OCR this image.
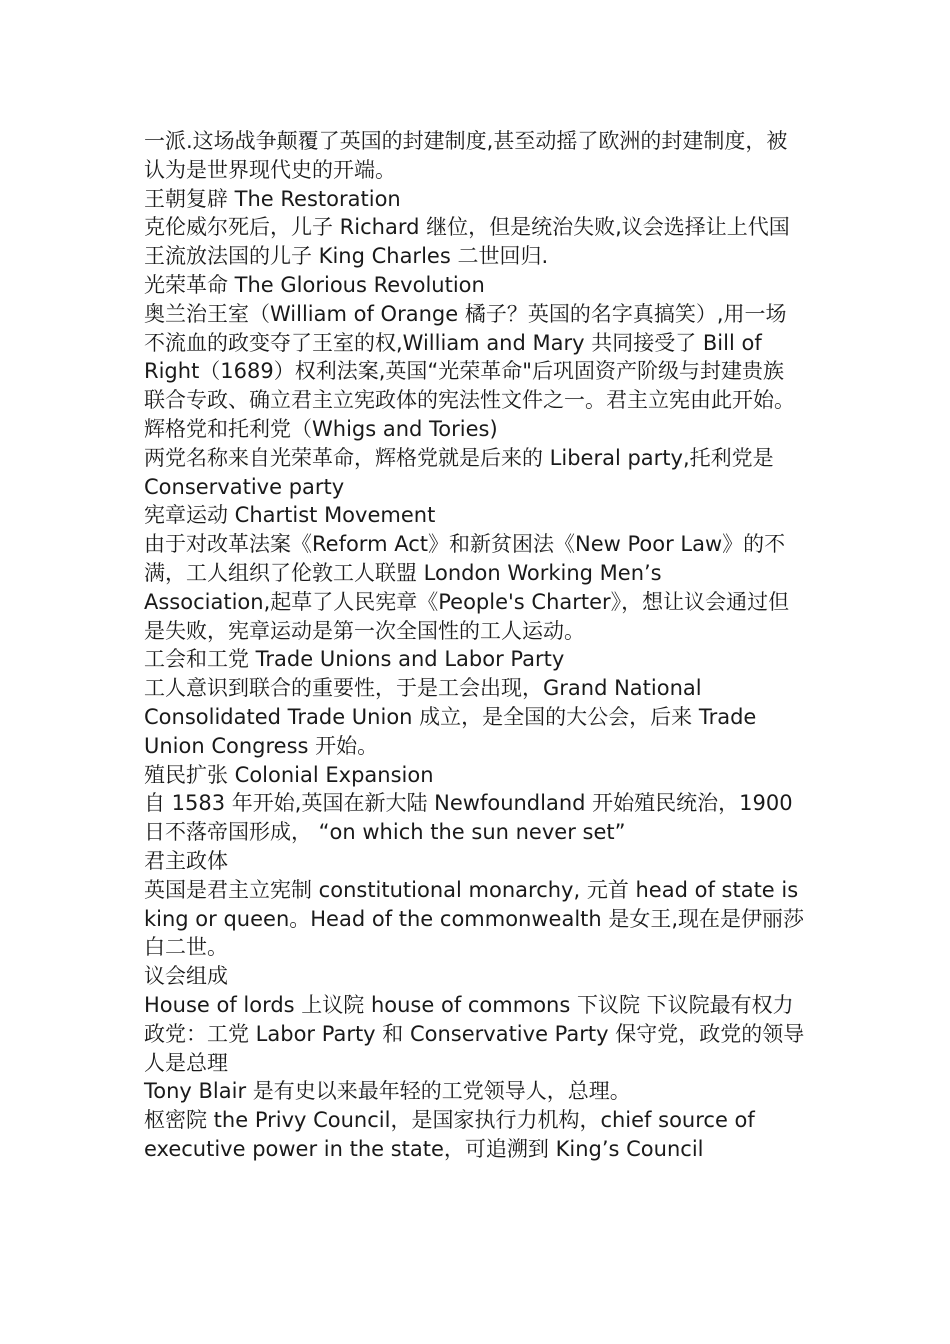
一派.这场战争颠覆了英国的封建制度,甚至动摇了欧洲的封建制度，被
认为是世界现代史的开端。
王朝复辟 The Restoration
克伦威尔死后，儿子 Richard 继位，但是统治失败,议会选择让上代国
王流放法国的儿子 King Charles 二世回归.
光荣革命 The Glorious Revolution
奥兰治王室（William of Orange 橘子？英国的名字真搞笑）,用一场
不流血的政变夺了王室的权,William and Mary 共同接受了 Bill of
Right（1689）权利法案,英国“光荣革命"后巩固资产阶级与封建贵族
联合专政、确立君主立宪政体的宪法性文件之一。君主立宪由此开始。
辉格党和托利党（Whigs and Tories)
两党名称来自光荣革命，辉格党就是后来的 Liberal party,托利党是
Conservative party
宪章运动 Chartist Movement
由于对改革法案《Reform Act》和新贫困法《New Poor Law》的不
满，工人组织了伦敦工人联盟 London Working Men’s
Association,起草了人民宪章《People's Charter》，想让议会通过但
是失败，宪章运动是第一次全国性的工人运动。
工会和工党 Trade Unions and Labor Party
工人意识到联合的重要性，于是工会出现，Grand National
Consolidated Trade Union 成立，是全国的大公会，后来 Trade
Union Congress 开始。
殖民扩张 Colonial Expansion
自 1583 年开始,英国在新大陆 Newfoundland 开始殖民统治，1900
日不落帝国形成， “on which the sun never set”
君主政体
英国是君主立宪制 constitutional monarchy, 元首 head of state is
king or queen。Head of the commonwealth 是女王,现在是伊丽莎
白二世。
议会组成
House of lords 上议院 house of commons 下议院 下议院最有权力
政党：工党 Labor Party 和 Conservative Party 保守党，政党的领导
人是总理
Tony Blair 是有史以来最年轻的工党领导人，总理。
枢密院 the Privy Council，是国家执行力机构，chief source of
executive power in the state，可追溯到 King’s Council
